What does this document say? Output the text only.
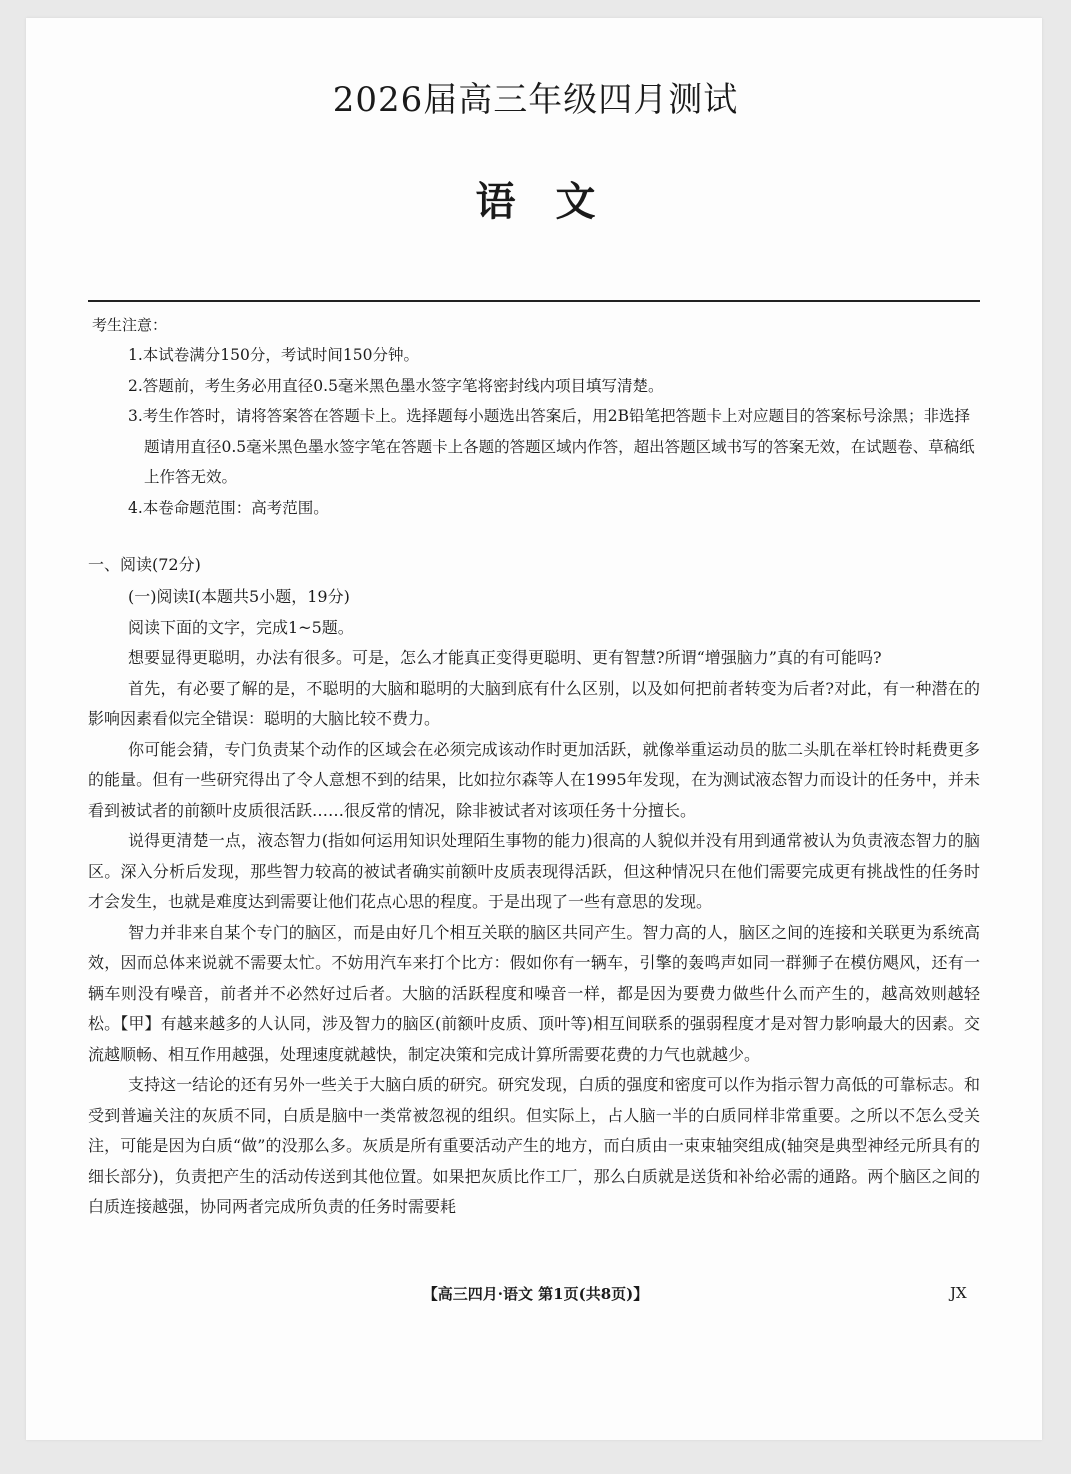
2026届高三年级四月测试
语　文
考生注意：

1.本试卷满分150分，考试时间150分钟。

2.答题前，考生务必用直径0.5毫米黑色墨水签字笔将密封线内项目填写清楚。

3.考生作答时，请将答案答在答题卡上。选择题每小题选出答案后，用2B铅笔把答题卡上对应题目的答案标号涂黑；非选择题请用直径0.5毫米黑色墨水签字笔在答题卡上各题的答题区域内作答，超出答题区域书写的答案无效，在试题卷、草稿纸上作答无效。

4.本卷命题范围：高考范围。

一、阅读(72分)

(一)阅读Ⅰ(本题共5小题，19分)

阅读下面的文字，完成1~5题。

想要显得更聪明，办法有很多。可是，怎么才能真正变得更聪明、更有智慧?所谓“增强脑力”真的有可能吗?

首先，有必要了解的是，不聪明的大脑和聪明的大脑到底有什么区别，以及如何把前者转变为后者?对此，有一种潜在的影响因素看似完全错误：聪明的大脑比较不费力。

你可能会猜，专门负责某个动作的区域会在必须完成该动作时更加活跃，就像举重运动员的肱二头肌在举杠铃时耗费更多的能量。但有一些研究得出了令人意想不到的结果，比如拉尔森等人在1995年发现，在为测试液态智力而设计的任务中，并未看到被试者的前额叶皮质很活跃……很反常的情况，除非被试者对该项任务十分擅长。

说得更清楚一点，液态智力(指如何运用知识处理陌生事物的能力)很高的人貌似并没有用到通常被认为负责液态智力的脑区。深入分析后发现，那些智力较高的被试者确实前额叶皮质表现得活跃，但这种情况只在他们需要完成更有挑战性的任务时才会发生，也就是难度达到需要让他们花点心思的程度。于是出现了一些有意思的发现。

智力并非来自某个专门的脑区，而是由好几个相互关联的脑区共同产生。智力高的人，脑区之间的连接和关联更为系统高效，因而总体来说就不需要太忙。不妨用汽车来打个比方：假如你有一辆车，引擎的轰鸣声如同一群狮子在模仿飓风，还有一辆车则没有噪音，前者并不必然好过后者。大脑的活跃程度和噪音一样，都是因为要费力做些什么而产生的，越高效则越轻松。【甲】有越来越多的人认同，涉及智力的脑区(前额叶皮质、顶叶等)相互间联系的强弱程度才是对智力影响最大的因素。交流越顺畅、相互作用越强，处理速度就越快，制定决策和完成计算所需要花费的力气也就越少。

支持这一结论的还有另外一些关于大脑白质的研究。研究发现，白质的强度和密度可以作为指示智力高低的可靠标志。和受到普遍关注的灰质不同，白质是脑中一类常被忽视的组织。但实际上，占人脑一半的白质同样非常重要。之所以不怎么受关注，可能是因为白质“做”的没那么多。灰质是所有重要活动产生的地方，而白质由一束束轴突组成(轴突是典型神经元所具有的细长部分)，负责把产生的活动传送到其他位置。如果把灰质比作工厂，那么白质就是送货和补给必需的通路。两个脑区之间的白质连接越强，协同两者完成所负责的任务时需要耗

【高三四月·语文 第1页(共8页)】	JX
